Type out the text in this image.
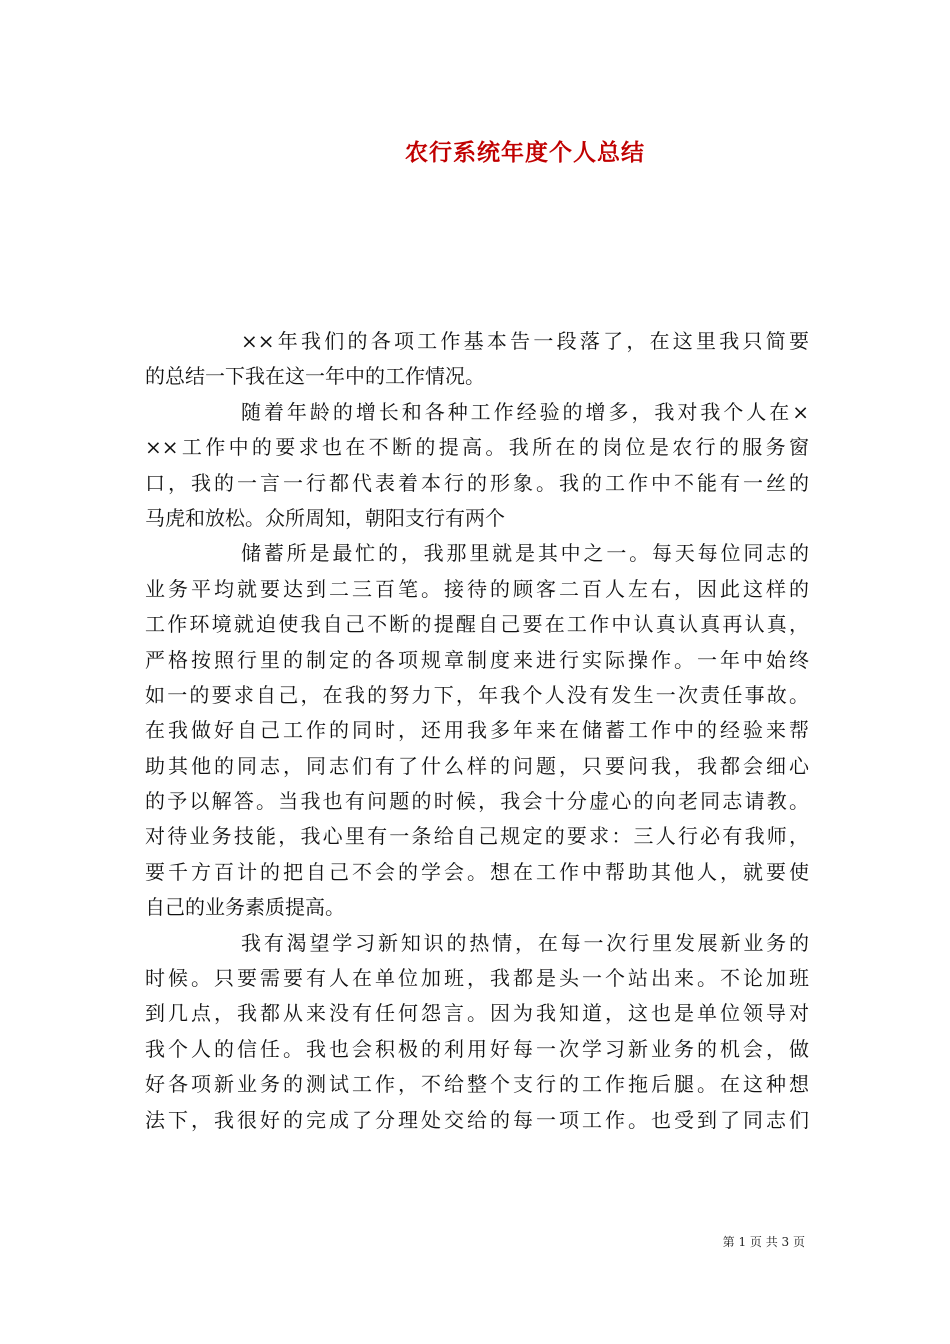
农行系统年度个人总结
××年我们的各项工作基本告一段落了，在这里我只简要
的总结一下我在这一年中的工作情况。
随着年龄的增长和各种工作经验的增多，我对我个人在×
××工作中的要求也在不断的提高。我所在的岗位是农行的服务窗
口，我的一言一行都代表着本行的形象。我的工作中不能有一丝的
马虎和放松。众所周知，朝阳支行有两个
储蓄所是最忙的，我那里就是其中之一。每天每位同志的
业务平均就要达到二三百笔。接待的顾客二百人左右，因此这样的
工作环境就迫使我自己不断的提醒自己要在工作中认真认真再认真，
严格按照行里的制定的各项规章制度来进行实际操作。一年中始终
如一的要求自己，在我的努力下，年我个人没有发生一次责任事故。
在我做好自己工作的同时，还用我多年来在储蓄工作中的经验来帮
助其他的同志，同志们有了什么样的问题，只要问我，我都会细心
的予以解答。当我也有问题的时候，我会十分虚心的向老同志请教。
对待业务技能，我心里有一条给自己规定的要求：三人行必有我师，
要千方百计的把自己不会的学会。想在工作中帮助其他人，就要使
自己的业务素质提高。
我有渴望学习新知识的热情，在每一次行里发展新业务的
时候。只要需要有人在单位加班，我都是头一个站出来。不论加班
到几点，我都从来没有任何怨言。因为我知道，这也是单位领导对
我个人的信任。我也会积极的利用好每一次学习新业务的机会，做
好各项新业务的测试工作，不给整个支行的工作拖后腿。在这种想
法下，我很好的完成了分理处交给的每一项工作。也受到了同志们
第 1 页 共 3 页
